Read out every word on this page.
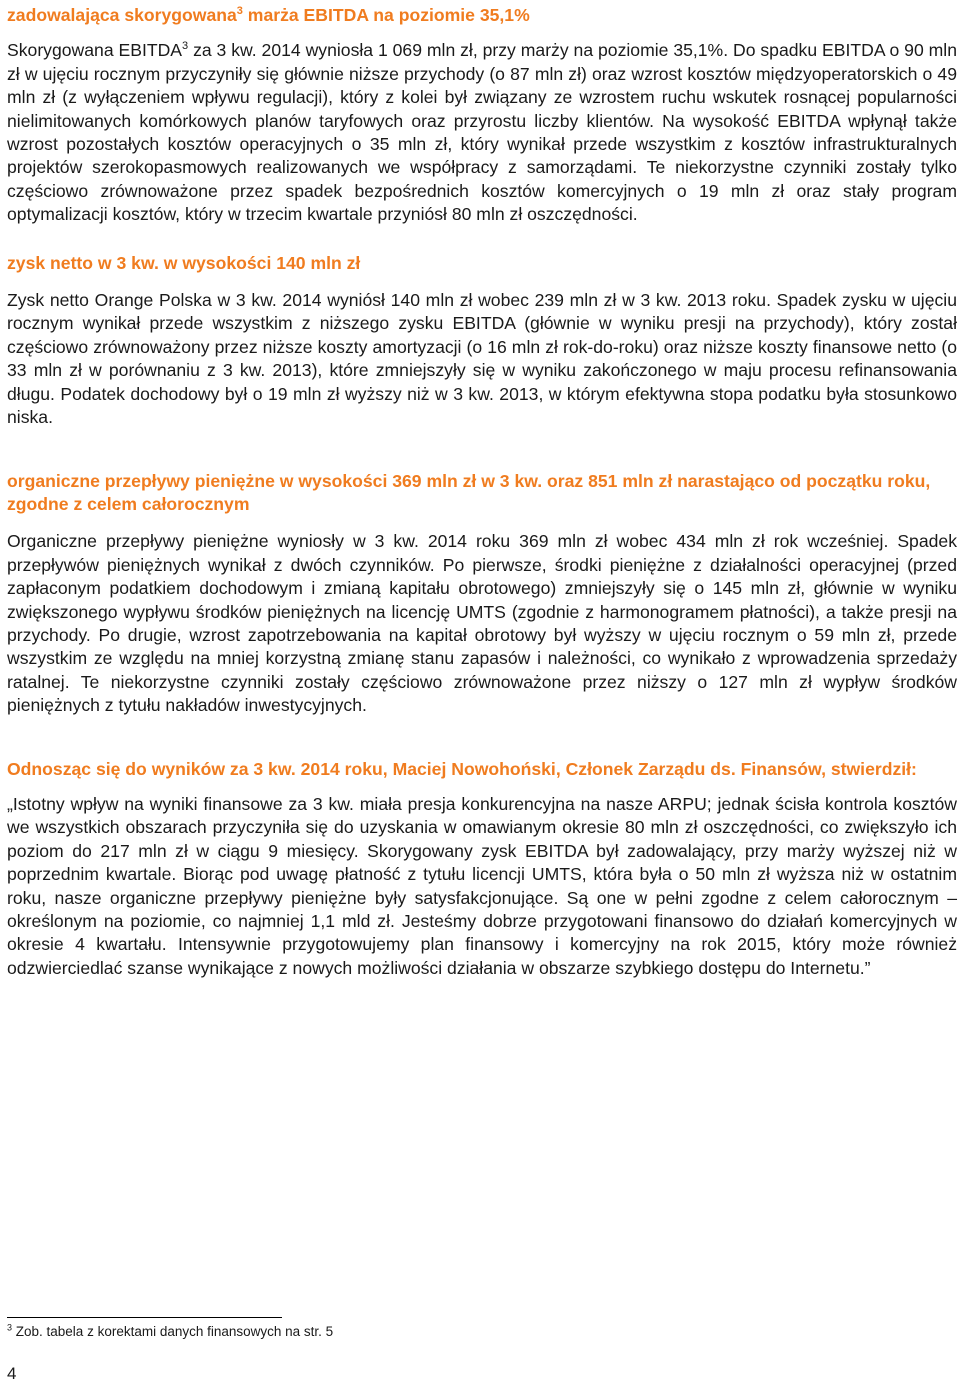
zadowalająca skorygowana$^3$ marża EBITDA na poziomie 35,1%

Skorygowana EBITDA$^3$ za 3 kw. 2014 wyniosła 1 069 mln zł, przy marży na poziomie 35,1%. Do spadku EBITDA o 90 mln zł w ujęciu rocznym przyczyniły się głównie niższe przychody (o 87 mln zł) oraz wzrost kosztów międzyoperatorskich o 49 mln zł (z wyłączeniem wpływu regulacji), który z kolei był związany ze wzrostem ruchu wskutek rosnącej popularności nielimitowanych komórkowych planów taryfowych oraz przyrostu liczby klientów. Na wysokość EBITDA wpłynął także wzrost pozostałych kosztów operacyjnych o 35 mln zł, który wynikał przede wszystkim z kosztów infrastrukturalnych projektów szerokopasmowych realizowanych we współpracy z samorządami. Te niekorzystne czynniki zostały tylko częściowo zrównoważone przez spadek bezpośrednich kosztów komercyjnych o 19 mln zł oraz stały program optymalizacji kosztów, który w trzecim kwartale przyniósł 80 mln zł oszczędności.

zysk netto w 3 kw. w wysokości 140 mln zł

Zysk netto Orange Polska w 3 kw. 2014 wyniósł 140 mln zł wobec 239 mln zł w 3 kw. 2013 roku. Spadek zysku w ujęciu rocznym wynikał przede wszystkim z niższego zysku EBITDA (głównie w wyniku presji na przychody), który został częściowo zrównoważony przez niższe koszty amortyzacji (o 16 mln zł rok-do-roku) oraz niższe koszty finansowe netto (o 33 mln zł w porównaniu z 3 kw. 2013), które zmniejszyły się w wyniku zakończonego w maju procesu refinansowania długu. Podatek dochodowy był o 19 mln zł wyższy niż w 3 kw. 2013, w którym efektywna stopa podatku była stosunkowo niska.

organiczne przepływy pieniężne w wysokości 369 mln zł w 3 kw. oraz 851 mln zł narastająco od początku roku, zgodne z celem całorocznym

Organiczne przepływy pieniężne wyniosły w 3 kw. 2014 roku 369 mln zł wobec 434 mln zł rok wcześniej. Spadek przepływów pieniężnych wynikał z dwóch czynników. Po pierwsze, środki pieniężne z działalności operacyjnej (przed zapłaconym podatkiem dochodowym i zmianą kapitału obrotowego) zmniejszyły się o 145 mln zł, głównie w wyniku zwiększonego wypływu środków pieniężnych na licencję UMTS (zgodnie z harmonogramem płatności), a także presji na przychody. Po drugie, wzrost zapotrzebowania na kapitał obrotowy był wyższy w ujęciu rocznym o 59 mln zł, przede wszystkim ze względu na mniej korzystną zmianę stanu zapasów i należności, co wynikało z wprowadzenia sprzedaży ratalnej. Te niekorzystne czynniki zostały częściowo zrównoważone przez niższy o 127 mln zł wypływ środków pieniężnych z tytułu nakładów inwestycyjnych.

Odnosząc się do wyników za 3 kw. 2014 roku, Maciej Nowohoński, Członek Zarządu ds. Finansów, stwierdził:

„Istotny wpływ na wyniki finansowe za 3 kw. miała presja konkurencyjna na nasze ARPU; jednak ścisła kontrola kosztów we wszystkich obszarach przyczyniła się do uzyskania w omawianym okresie 80 mln zł oszczędności, co zwiększyło ich poziom do 217 mln zł w ciągu 9 miesięcy. Skorygowany zysk EBITDA był zadowalający, przy marży wyższej niż w poprzednim kwartale. Biorąc pod uwagę płatność z tytułu licencji UMTS, która była o 50 mln zł wyższa niż w ostatnim roku, nasze organiczne przepływy pieniężne były satysfakcjonujące. Są one w pełni zgodne z celem całorocznym – określonym na poziomie, co najmniej 1,1 mld zł. Jesteśmy dobrze przygotowani finansowo do działań komercyjnych w okresie 4 kwartału. Intensywnie przygotowujemy plan finansowy i komercyjny na rok 2015, który może również odzwierciedlać szanse wynikające z nowych możliwości działania w obszarze szybkiego dostępu do Internetu.”

$^3$ Zob. tabela z korektami danych finansowych na str. 5
4
